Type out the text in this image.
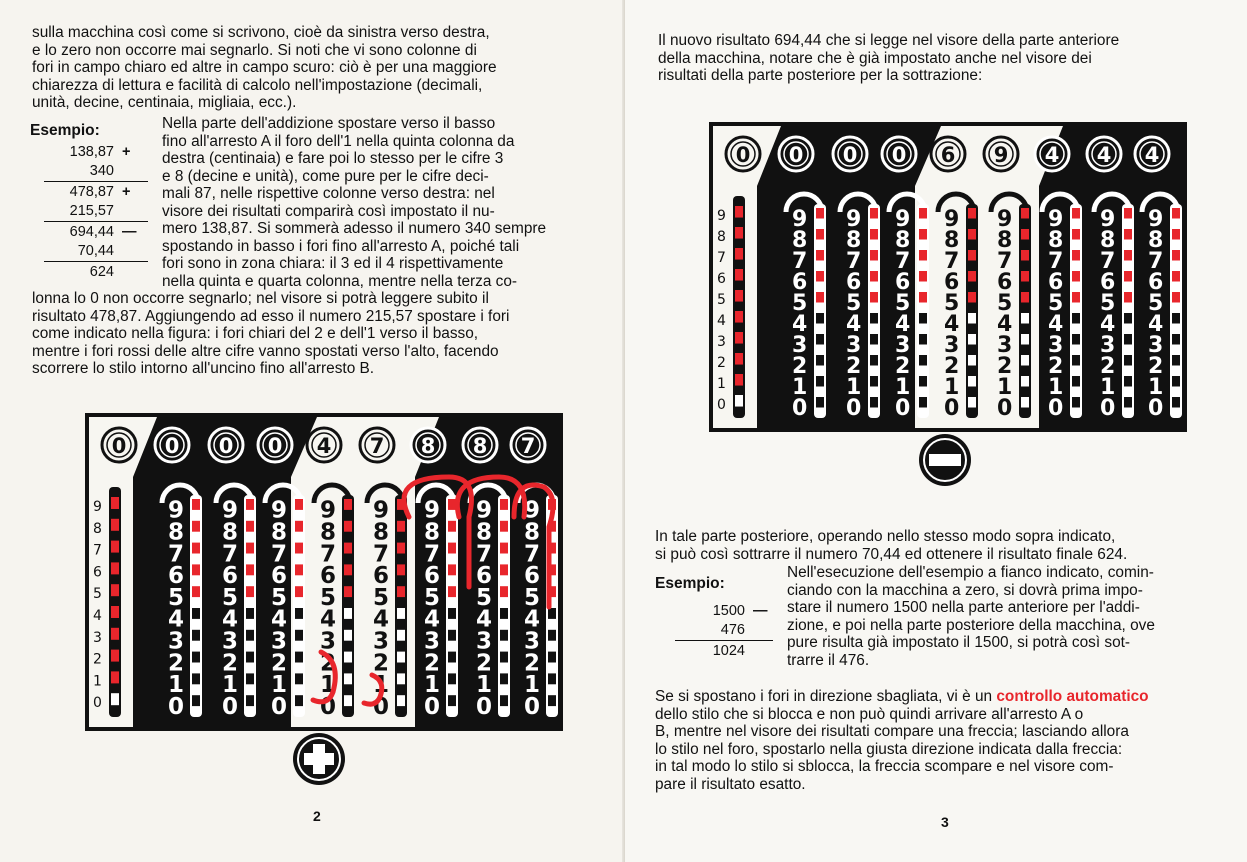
sulla macchina così come si scrivono, cioè da sinistra verso destra,

e lo zero non occorre mai segnarlo. Si noti che vi sono colonne di

fori in campo chiaro ed altre in campo scuro: ciò è per una maggiore

chiarezza di lettura e facilità di calcolo nell'impostazione (decimali,

unità, decine, centinaia, migliaia, ecc.).

Esempio:
138,87 +
340
478,87 +
215,57
694,44 —
70,44
624

Nella parte dell'addizione spostare verso il basso

fino all'arresto A il foro dell'1 nella quinta colonna da

destra (centinaia) e fare poi lo stesso per le cifre 3

e 8 (decine e unità), come pure per le cifre deci-

mali 87, nelle rispettive colonne verso destra: nel

visore dei risultati comparirà così impostato il nu-

mero 138,87. Si sommerà adesso il numero 340 sempre

spostando in basso i fori fino all'arresto A, poiché tali

fori sono in zona chiara: il 3 ed il 4 rispettivamente

nella quinta e quarta colonna, mentre nella terza co-

lonna lo 0 non occorre segnarlo; nel visore si potrà leggere subito il

risultato 478,87. Aggiungendo ad esso il numero 215,57 spostare i fori

come indicato nella figura: i fori chiari del 2 e dell'1 verso il basso,

mentre i fori rossi delle altre cifre vanno spostati verso l'alto, facendo

scorrere lo stilo intorno all'uncino fino all'arresto B.

0 0 0 0 4 7 8 8 7
9
8
7
6
5
4
3
2
1
0
9
8
7
6
5
4
3
2
1
0
9
8
7
6
5
4
3
2
1
0
9
8
7
6
5
4
3
2
1
0
9
8
7
6
5
4
3
2
1
0
9
8
7
6
5
4
3
2
1
0
9
8
7
6
5
4
3
2
1
0
9
8
7
6
5
4
3
2
1
0
9
8
7
6
5
4
3
2
1
0
2

Il nuovo risultato 694,44 che si legge nel visore della parte anteriore

della macchina, notare che è già impostato anche nel visore dei

risultati della parte posteriore per la sottrazione:

0 0 0 0 6 9 4 4 4
9
8
7
6
5
4
3
2
1
0
9
8
7
6
5
4
3
2
1
0
9
8
7
6
5
4
3
2
1
0
9
8
7
6
5
4
3
2
1
0
9
8
7
6
5
4
3
2
1
0
9
8
7
6
5
4
3
2
1
0
9
8
7
6
5
4
3
2
1
0
9
8
7
6
5
4
3
2
1
0
9
8
7
6
5
4
3
2
1
0

In tale parte posteriore, operando nello stesso modo sopra indicato,

si può così sottrarre il numero 70,44 ed ottenere il risultato finale 624.

Esempio:
1500 —
476
1024

Nell'esecuzione dell'esempio a fianco indicato, comin-

ciando con la macchina a zero, si dovrà prima impo-

stare il numero 1500 nella parte anteriore per l'addi-

zione, e poi nella parte posteriore della macchina, ove

pure risulta già impostato il 1500, si potrà così sot-

trarre il 476.

Se si spostano i fori in direzione sbagliata, vi è un controllo automatico

dello stilo che si blocca e non può quindi arrivare all'arresto A o

B, mentre nel visore dei risultati compare una freccia; lasciando allora

lo stilo nel foro, spostarlo nella giusta direzione indicata dalla freccia:

in tal modo lo stilo si sblocca, la freccia scompare e nel visore com-

pare il risultato esatto.

3
